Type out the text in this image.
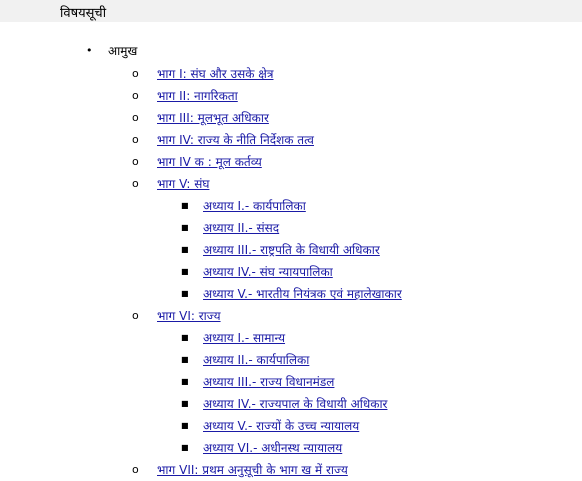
विषयसूची
• आमुख
o भाग I: संघ और उसके क्षेत्र
o भाग II: नागरिकता
o भाग III: मूलभूत अधिकार
o भाग IV: राज्य के नीति निर्देशक तत्व
o भाग IV क : मूल कर्तव्य
o भाग V: संघ
■ अध्याय I.- कार्यपालिका
■ अध्याय II.- संसद
■ अध्याय III.- राष्ट्रपति के विधायी अधिकार
■ अध्याय IV.- संघ न्यायपालिका
■ अध्याय V.- भारतीय नियंत्रक एवं महालेखाकार
o भाग VI: राज्य
■ अध्याय I.- सामान्य
■ अध्याय II.- कार्यपालिका
■ अध्याय III.- राज्य विधानमंडल
■ अध्याय IV.- राज्यपाल के विधायी अधिकार
■ अध्याय V.- राज्यों के उच्च न्यायालय
■ अध्याय VI.- अधीनस्थ न्यायालय
o भाग VII: प्रथम अनुसूची के भाग ख में राज्य
